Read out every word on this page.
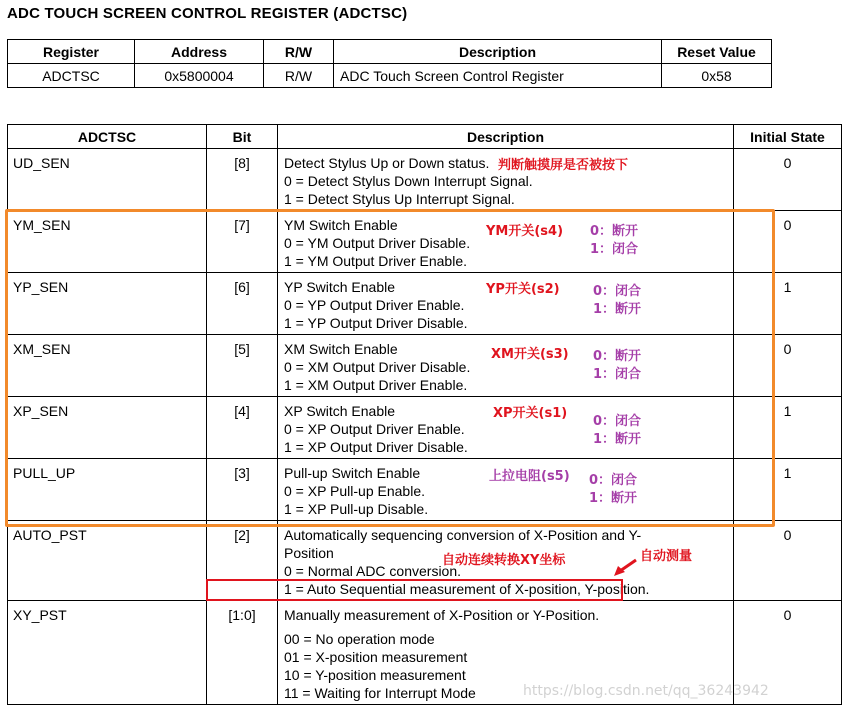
ADC TOUCH SCREEN CONTROL REGISTER (ADCTSC)
Register	Address	R/W	Description	Reset Value
ADCTSC	0x5800004	R/W	ADC Touch Screen Control Register	0x58
ADCTSC	Bit	Description	Initial State
UD_SEN	[8]	Detect Stylus Up or Down status.
0 = Detect Stylus Down Interrupt Signal.
1 = Detect Stylus Up Interrupt Signal.	0
YM_SEN	[7]	YM Switch Enable
0 = YM Output Driver Disable.
1 = YM Output Driver Enable.	0
YP_SEN	[6]	YP Switch Enable
0 = YP Output Driver Enable.
1 = YP Output Driver Disable.	1
XM_SEN	[5]	XM Switch Enable
0 = XM Output Driver Disable.
1 = XM Output Driver Enable.	0
XP_SEN	[4]	XP Switch Enable
0 = XP Output Driver Enable.
1 = XP Output Driver Disable.	1
PULL_UP	[3]	Pull-up Switch Enable
0 = XP Pull-up Enable.
1 = XP Pull-up Disable.	1
AUTO_PST	[2]	Automatically sequencing conversion of X-Position and Y-
Position
0 = Normal ADC conversion.
1 = Auto Sequential measurement of X-position, Y-position.	0
XY_PST	[1:0]	Manually measurement of X-Position or Y-Position.
00 = No operation mode
01 = X-position measurement
10 = Y-position measurement
11 = Waiting for Interrupt Mode	0
判断触摸屏是否被按下
YM开关(s4) 0：断开
1：闭合
YP开关(s2)	0：闭合
1：断开
XM开关(s3) 0：断开
1：闭合
XP开关(s1)
0：闭合
1：断开
上拉电阻(s5) 0：闭合
1：断开
自动连续转换XY坐标	自动测量
https://blog.csdn.net/qq_36243942
